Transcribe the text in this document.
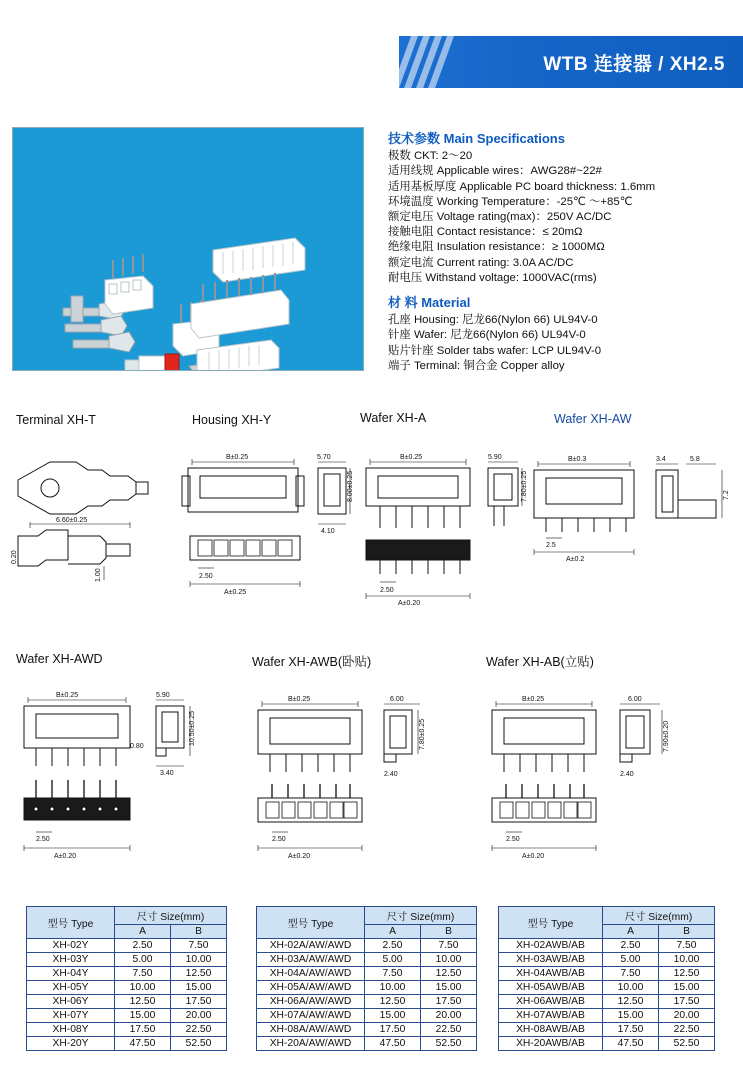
WTB 连接器 / XH2.5
技术参数 Main Specifications
极数 CKT: 2～20
适用线规 Applicable wires：AWG28#~22#
适用基板厚度 Applicable PC board thickness: 1.6mm
环境温度 Working Temperature：-25℃ ～+85℃
额定电压 Voltage rating(max)：250V AC/DC
接触电阻 Contact resistance：≤ 20mΩ
绝缘电阻 Insulation resistance：≥ 1000MΩ
额定电流 Current rating: 3.0A AC/DC
耐电压 Withstand voltage: 1000VAC(rms)
材 料 Material
孔座 Housing: 尼龙66(Nylon 66) UL94V-0
针座 Wafer: 尼龙66(Nylon 66) UL94V-0
贴片针座 Solder tabs wafer: LCP UL94V-0
端子 Terminal: 铜合金 Copper alloy
Terminal XH-T	Housing XH-Y	Wafer XH-A	Wafer XH-AW
6.60±0.25
0.20
1.00
B±0.25	5.70
8.00±0.25
4.10
2.50
A±0.25
B±0.25	5.90
7.80±0.25
2.50
A±0.20
B±0.3
2.5
A±0.2
3.4	5.8
7.2
Wafer XH-AWD	Wafer XH-AWB(卧贴)	Wafer XH-AB(立贴)
B±0.25	5.90
10.50±0.25
0.80
3.40
2.50
A±0.20
B±0.25	6.00
7.80±0.25
2.40
2.50
A±0.20
B±0.25	6.00
7.90±0.20
2.40
2.50
A±0.20
型号 Type	尺寸 Size(mm)	
	A	B
XH-02Y	2.50	7.50
XH-03Y	5.00	10.00
XH-04Y	7.50	12.50
XH-05Y	10.00	15.00
XH-06Y	12.50	17.50
XH-07Y	15.00	20.00
XH-08Y	17.50	22.50
XH-20Y	47.50	52.50
型号 Type	尺寸 Size(mm)	
	A	B
XH-02A/AW/AWD	2.50	7.50
XH-03A/AW/AWD	5.00	10.00
XH-04A/AW/AWD	7.50	12.50
XH-05A/AW/AWD	10.00	15.00
XH-06A/AW/AWD	12.50	17.50
XH-07A/AW/AWD	15.00	20.00
XH-08A/AW/AWD	17.50	22.50
XH-20A/AW/AWD	47.50	52.50
型号 Type	尺寸 Size(mm)	
	A	B
XH-02AWB/AB	2.50	7.50
XH-03AWB/AB	5.00	10.00
XH-04AWB/AB	7.50	12.50
XH-05AWB/AB	10.00	15.00
XH-06AWB/AB	12.50	17.50
XH-07AWB/AB	15.00	20.00
XH-08AWB/AB	17.50	22.50
XH-20AWB/AB	47.50	52.50
